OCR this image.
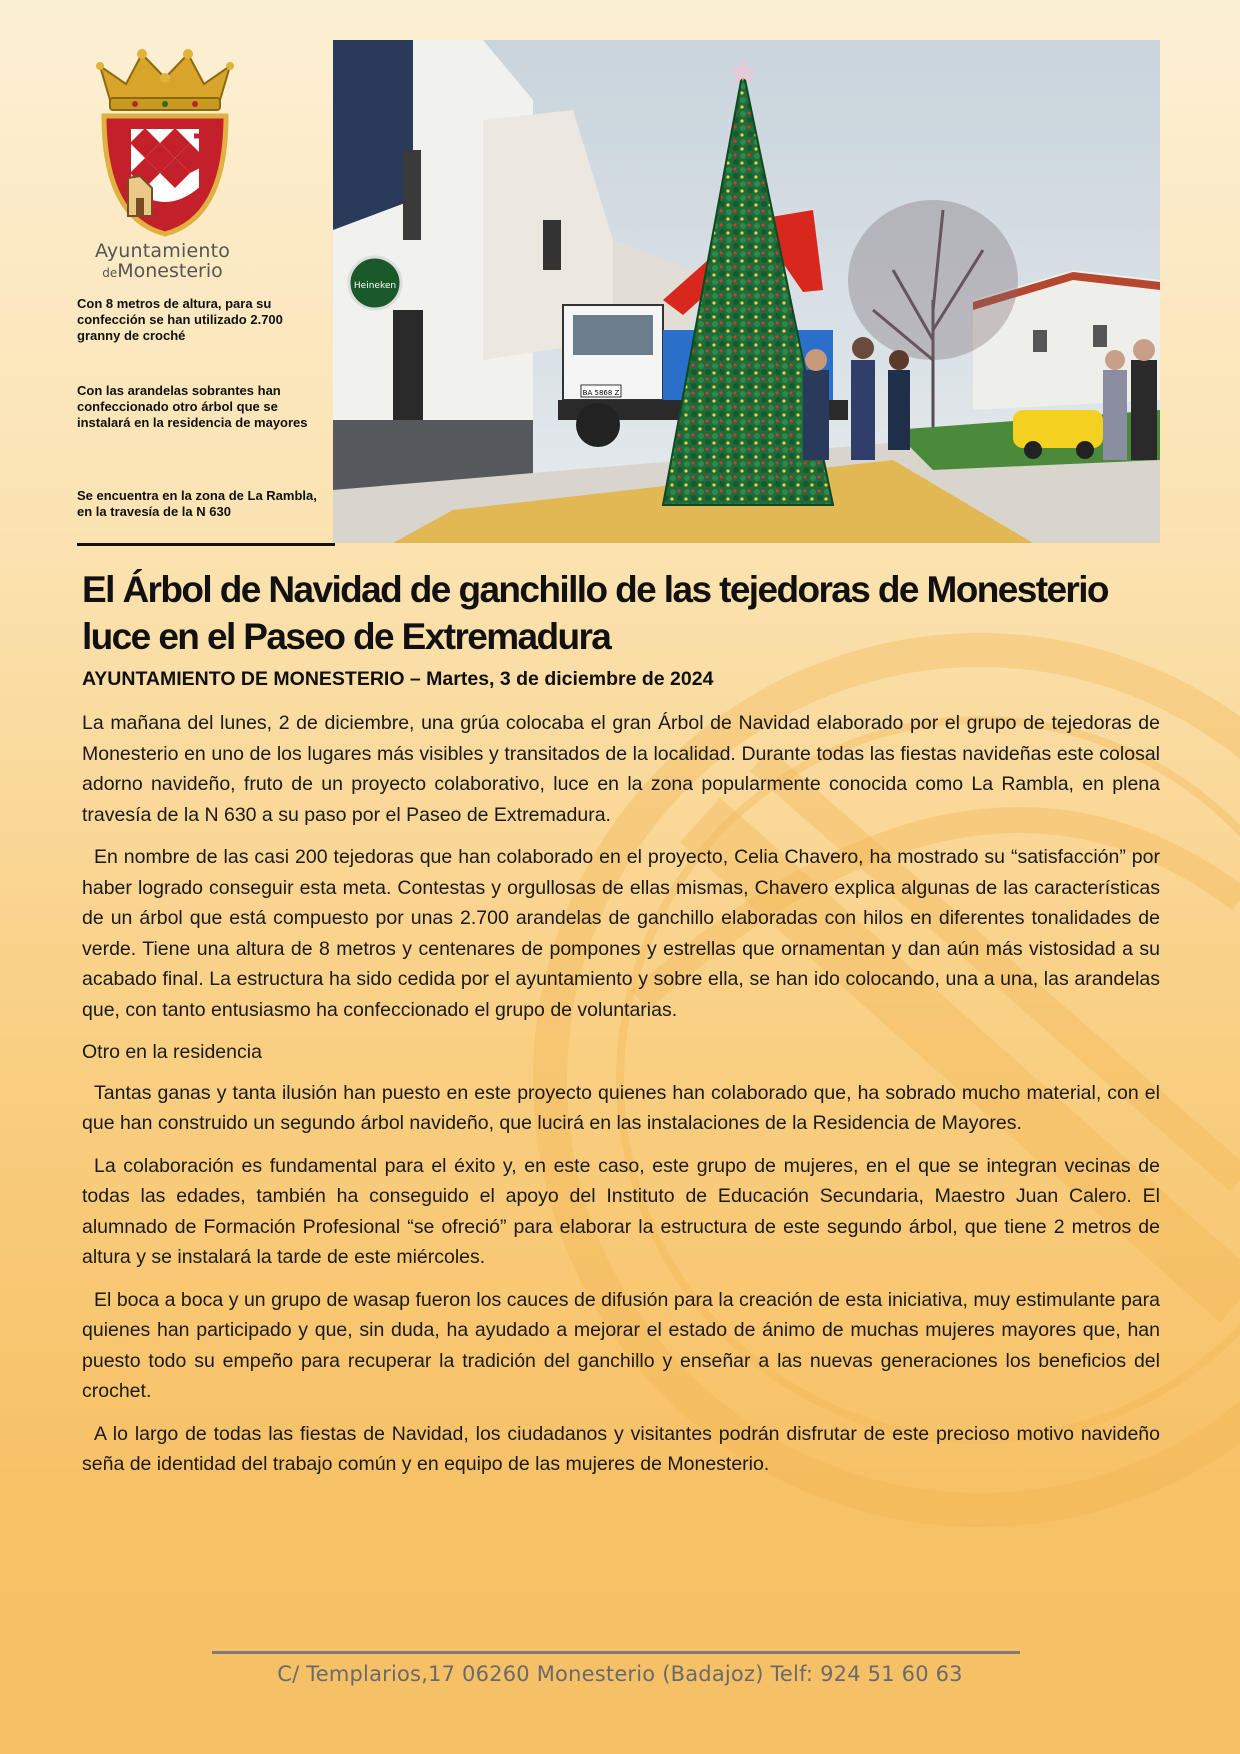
Ayuntamiento
deMonesterio
Con 8 metros de altura, para su confección se han utilizado 2.700 granny de croché
Con las arandelas sobrantes han confeccionado otro árbol que se instalará en la residencia de mayores
Se encuentra en la zona de La Rambla, en la travesía de la N 630
Heineken
BA 5868 Z
El Árbol de Navidad de ganchillo de las tejedoras de Monesterio luce en el Paseo de Extremadura

AYUNTAMIENTO DE MONESTERIO – Martes, 3 de diciembre de 2024

La mañana del lunes, 2 de diciembre, una grúa colocaba el gran Árbol de Navidad elaborado por el grupo de tejedoras de Monesterio en uno de los lugares más visibles y transitados de la localidad. Durante todas las fiestas navideñas este colosal adorno navideño, fruto de un proyecto colaborativo, luce en la zona popularmente conocida como La Rambla, en plena travesía de la N 630 a su paso por el Paseo de Extremadura.

En nombre de las casi 200 tejedoras que han colaborado en el proyecto, Celia Chavero, ha mostrado su “satisfacción” por haber logrado conseguir esta meta. Contestas y orgullosas de ellas mismas, Chavero explica algunas de las características de un árbol que está compuesto por unas 2.700 arandelas de ganchillo elaboradas con hilos en diferentes tonalidades de verde. Tiene una altura de 8 metros y centenares de pompones y estrellas que ornamentan y dan aún más vistosidad a su acabado final. La estructura ha sido cedida por el ayuntamiento y sobre ella, se han ido colocando, una a una, las arandelas que, con tanto entusiasmo ha confeccionado el grupo de voluntarias.

Otro en la residencia

Tantas ganas y tanta ilusión han puesto en este proyecto quienes han colaborado que, ha sobrado mucho material, con el que han construido un segundo árbol navideño, que lucirá en las instalaciones de la Residencia de Mayores.

La colaboración es fundamental para el éxito y, en este caso, este grupo de mujeres, en el que se integran vecinas de todas las edades, también ha conseguido el apoyo del Instituto de Educación Secundaria, Maestro Juan Calero. El alumnado de Formación Profesional “se ofreció” para elaborar la estructura de este segundo árbol, que tiene 2 metros de altura y se instalará la tarde de este miércoles.

El boca a boca y un grupo de wasap fueron los cauces de difusión para la creación de esta iniciativa, muy estimulante para quienes han participado y que, sin duda, ha ayudado a mejorar el estado de ánimo de muchas mujeres mayores que, han puesto todo su empeño para recuperar la tradición del ganchillo y enseñar a las nuevas generaciones los beneficios del crochet.

A lo largo de todas las fiestas de Navidad, los ciudadanos y visitantes podrán disfrutar de este precioso motivo navideño seña de identidad del trabajo común y en equipo de las mujeres de Monesterio.

C/ Templarios,17 06260 Monesterio (Badajoz) Telf: 924 51 60 63
